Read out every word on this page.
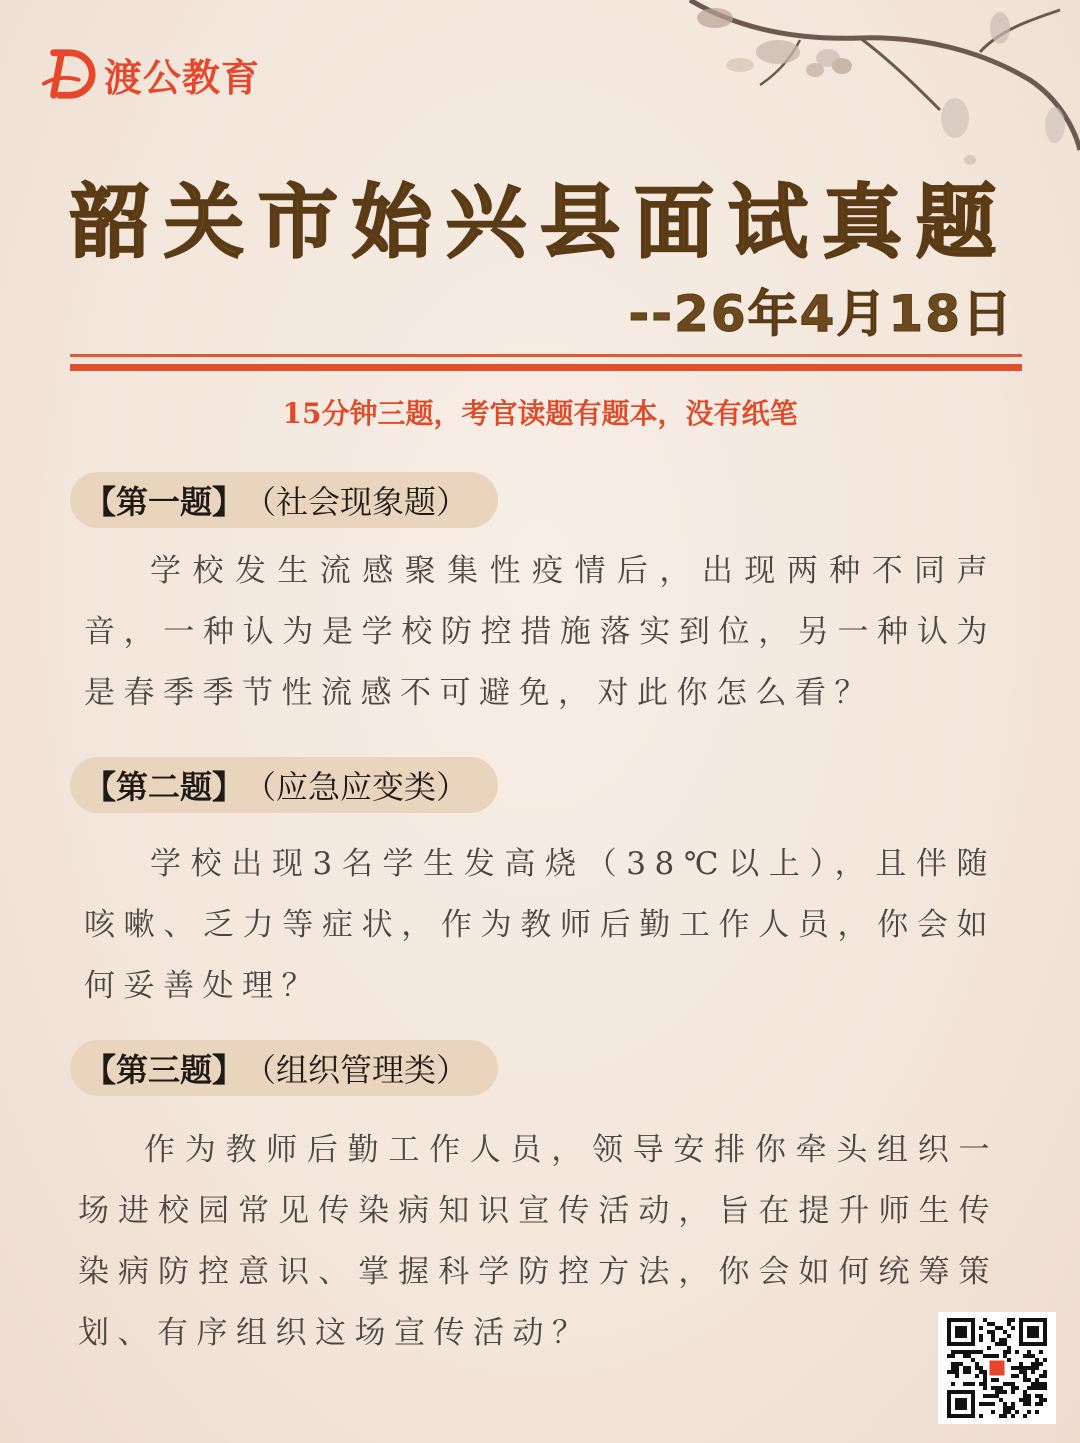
渡公教育
韶关市始兴县面试真题
--26年4月18日
15分钟三题，考官读题有题本，没有纸笔
【第一题】 （社会现象题）
学校发生流感聚集性疫情后，出现两种不同声音，一种认为是学校防控措施落实到位，另一种认为是春季季节性流感不可避免，对此你怎么看？
【第二题】 （应急应变类）
学校出现3名学生发高烧（38℃以上），且伴随咳嗽、乏力等症状，作为教师后勤工作人员，你会如何妥善处理？
【第三题】 （组织管理类）
作为教师后勤工作人员，领导安排你牵头组织一场进校园常见传染病知识宣传活动，旨在提升师生传染病防控意识、掌握科学防控方法，你会如何统筹策划、有序组织这场宣传活动？
